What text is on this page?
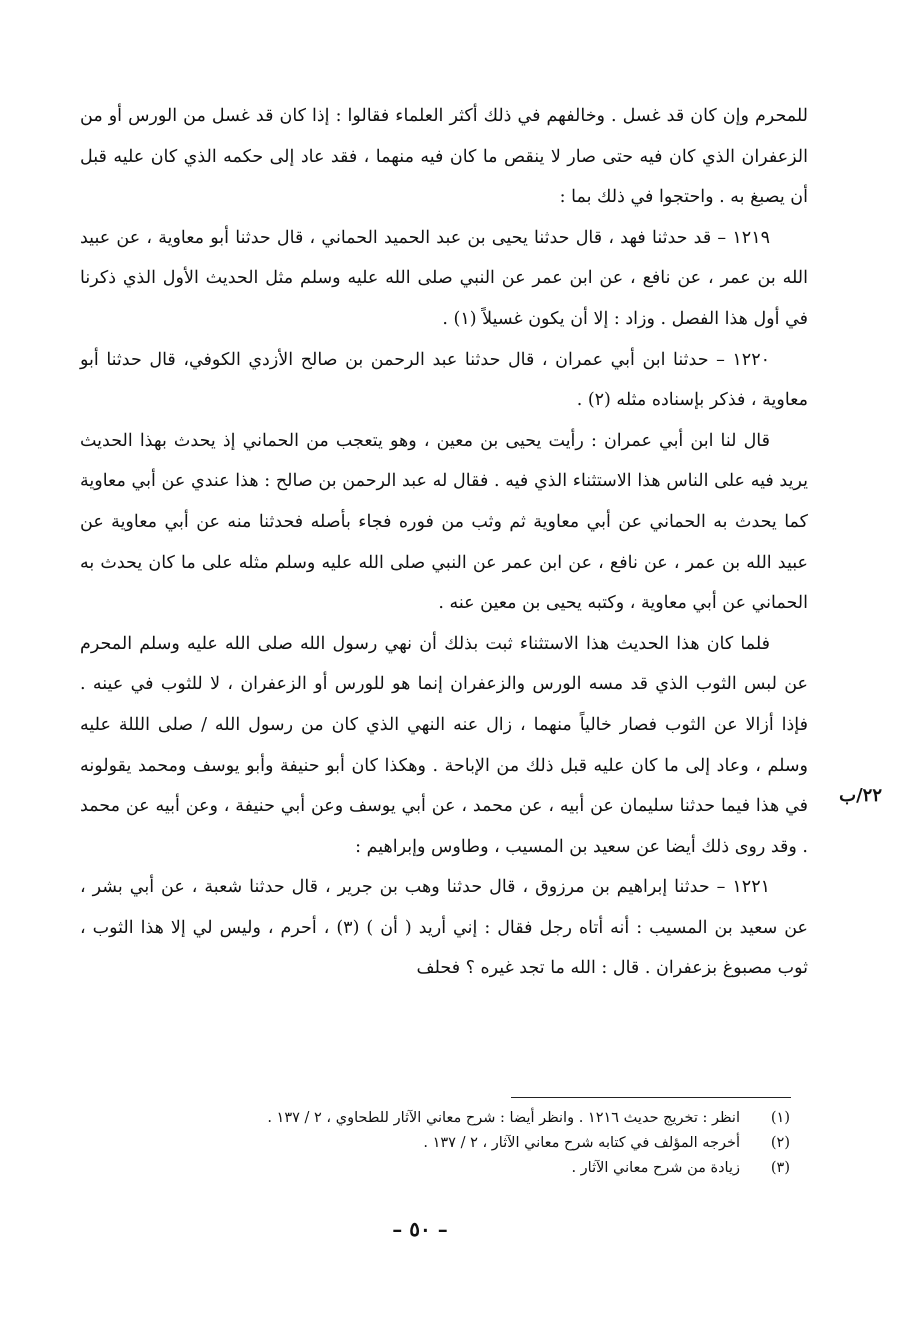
للمحرم وإن كان قد غسل . وخالفهم في ذلك أكثر العلماء فقالوا : إذا كان قد غسل من الورس أو من الزعفران الذي كان فيه حتى صار لا ينقص ما كان فيه منهما ، فقد عاد إلى حكمه الذي كان عليه قبل أن يصبغ به . واحتجوا في ذلك بما :

١٢١٩ – قد حدثنا فهد ، قال حدثنا يحيى بن عبد الحميد الحماني ، قال حدثنا أبو معاوية ، عن عبيد الله بن عمر ، عن نافع ، عن ابن عمر عن النبي صلى الله عليه وسلم مثل الحديث الأول الذي ذكرنا في أول هذا الفصل . وزاد : إلا أن يكون غسيلاً (١) .

١٢٢٠ – حدثنا ابن أبي عمران ، قال حدثنا عبد الرحمن بن صالح الأزدي الكوفي، قال حدثنا أبو معاوية ، فذكر بإسناده مثله (٢) .

قال لنا ابن أبي عمران : رأيت يحيى بن معين ، وهو يتعجب من الحماني إذ يحدث بهذا الحديث يريد فيه على الناس هذا الاستثناء الذي فيه . فقال له عبد الرحمن بن صالح : هذا عندي عن أبي معاوية كما يحدث به الحماني عن أبي معاوية ثم وثب من فوره فجاء بأصله فحدثنا منه عن أبي معاوية عن عبيد الله بن عمر ، عن نافع ، عن ابن عمر عن النبي صلى الله عليه وسلم مثله على ما كان يحدث به الحماني عن أبي معاوية ، وكتبه يحيى بن معين عنه .

فلما كان هذا الحديث هذا الاستثناء ثبت بذلك أن نهي رسول الله صلى الله عليه وسلم المحرم عن لبس الثوب الذي قد مسه الورس والزعفران إنما هو للورس أو الزعفران ، لا للثوب في عينه . فإذا أزالا عن الثوب فصار خالياً منهما ، زال عنه النهي الذي كان من رسول الله / صلى الللة عليه وسلم ، وعاد إلى ما كان عليه قبل ذلك من الإباحة . وهكذا كان أبو حنيفة وأبو يوسف ومحمد يقولونه في هذا فيما حدثنا سليمان عن أبيه ، عن محمد ، عن أبي يوسف وعن أبي حنيفة ، وعن أبيه عن محمد . وقد روى ذلك أيضا عن سعيد بن المسيب ، وطاوس وإبراهيم :

١٢٢١ – حدثنا إبراهيم بن مرزوق ، قال حدثنا وهب بن جرير ، قال حدثنا شعبة ، عن أبي بشر ، عن سعيد بن المسيب : أنه أتاه رجل فقال : إني أريد ( أن ) (٣) ، أحرم ، وليس لي إلا هذا الثوب ، ثوب مصبوغ بزعفران . قال : الله ما تجد غيره ؟ فحلف

٢٢/ب
(١)
انظر : تخريج حديث ١٢١٦ . وانظر أيضا : شرح معاني الآثار للطحاوي ، ٢ / ١٣٧ .
(٢)
أخرجه المؤلف في كتابه شرح معاني الآثار ، ٢ / ١٣٧ .
(٣)
زيادة من شرح معاني الآثار .
– ٥٠ –
